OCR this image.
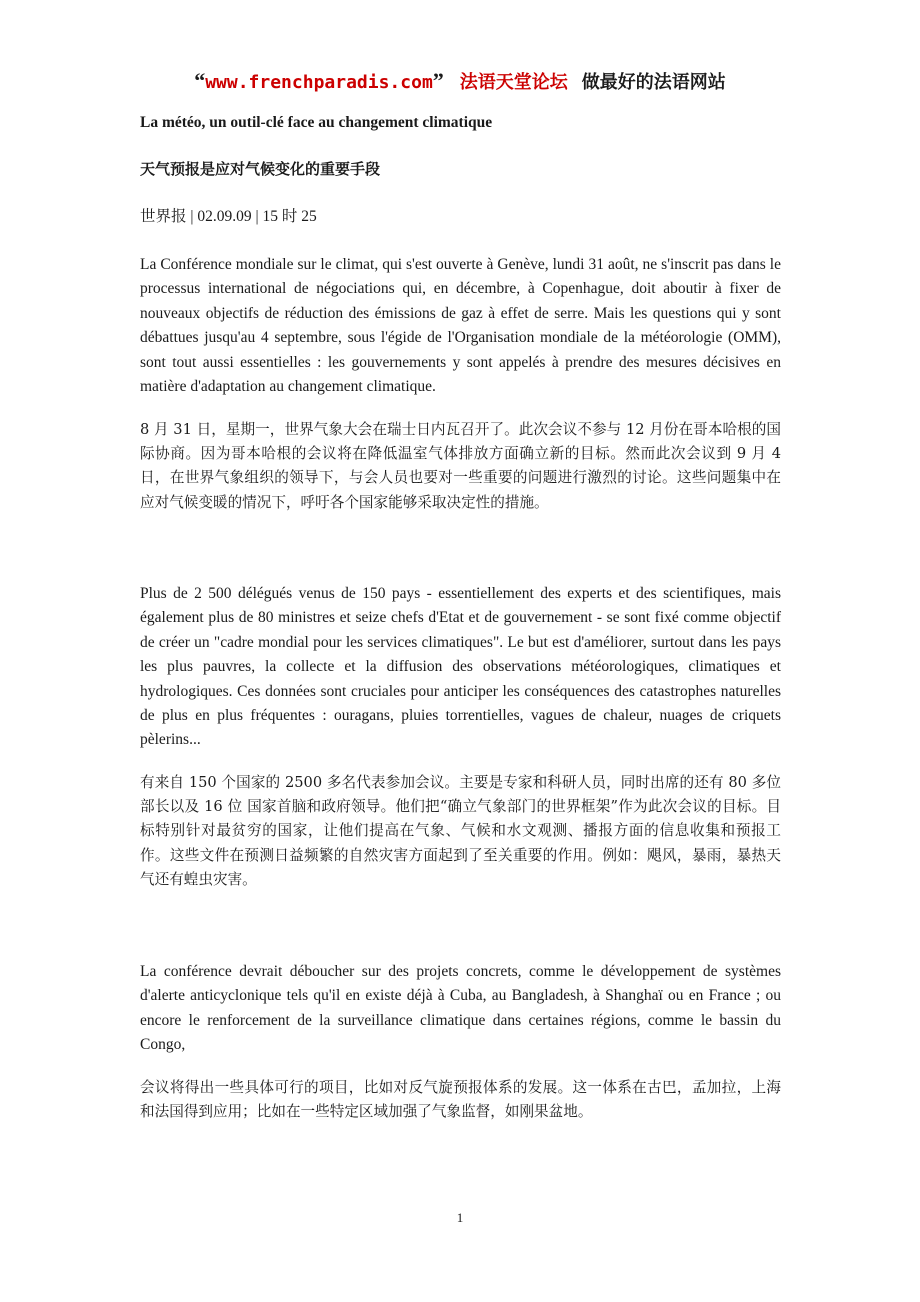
“www.frenchparadis.com” 法语天堂论坛 做最好的法语网站
La météo, un outil-clé face au changement climatique
天气预报是应对气候变化的重要手段
世界报 | 02.09.09 | 15 时 25

La Conférence mondiale sur le climat, qui s'est ouverte à Genève, lundi 31 août, ne s'inscrit pas dans le processus international de négociations qui, en décembre, à Copenhague, doit aboutir à fixer de nouveaux objectifs de réduction des émissions de gaz à effet de serre. Mais les questions qui y sont débattues jusqu'au 4 septembre, sous l'égide de l'Organisation mondiale de la météorologie (OMM), sont tout aussi essentielles : les gouvernements y sont appelés à prendre des mesures décisives en matière d'adaptation au changement climatique.

8 月 31 日，星期一，世界气象大会在瑞士日内瓦召开了。此次会议不参与 12 月份在哥本哈根的国际协商。因为哥本哈根的会议将在降低温室气体排放方面确立新的目标。然而此次会议到 9 月 4 日，在世界气象组织的领导下，与会人员也要对一些重要的问题进行激烈的讨论。这些问题集中在应对气候变暖的情况下，呼吁各个国家能够采取决定性的措施。

Plus de 2 500 délégués venus de 150 pays - essentiellement des experts et des scientifiques, mais également plus de 80 ministres et seize chefs d'Etat et de gouvernement - se sont fixé comme objectif de créer un "cadre mondial pour les services climatiques". Le but est d'améliorer, surtout dans les pays les plus pauvres, la collecte et la diffusion des observations météorologiques, climatiques et hydrologiques. Ces données sont cruciales pour anticiper les conséquences des catastrophes naturelles de plus en plus fréquentes : ouragans, pluies torrentielles, vagues de chaleur, nuages de criquets pèlerins...

有来自 150 个国家的 2500 多名代表参加会议。主要是专家和科研人员，同时出席的还有 80 多位部长以及 16 位 国家首脑和政府领导。他们把“确立气象部门的世界框架”作为此次会议的目标。目标特别针对最贫穷的国家，让他们提高在气象、气候和水文观测、播报方面的信息收集和预报工作。这些文件在预测日益频繁的自然灾害方面起到了至关重要的作用。例如：飓风，暴雨，暴热天气还有蝗虫灾害。

La conférence devrait déboucher sur des projets concrets, comme le développement de systèmes d'alerte anticyclonique tels qu'il en existe déjà à Cuba, au Bangladesh, à Shanghaï ou en France ; ou encore le renforcement de la surveillance climatique dans certaines régions, comme le bassin du Congo,

会议将得出一些具体可行的项目，比如对反气旋预报体系的发展。这一体系在古巴，孟加拉，上海和法国得到应用；比如在一些特定区域加强了气象监督，如刚果盆地。

1
